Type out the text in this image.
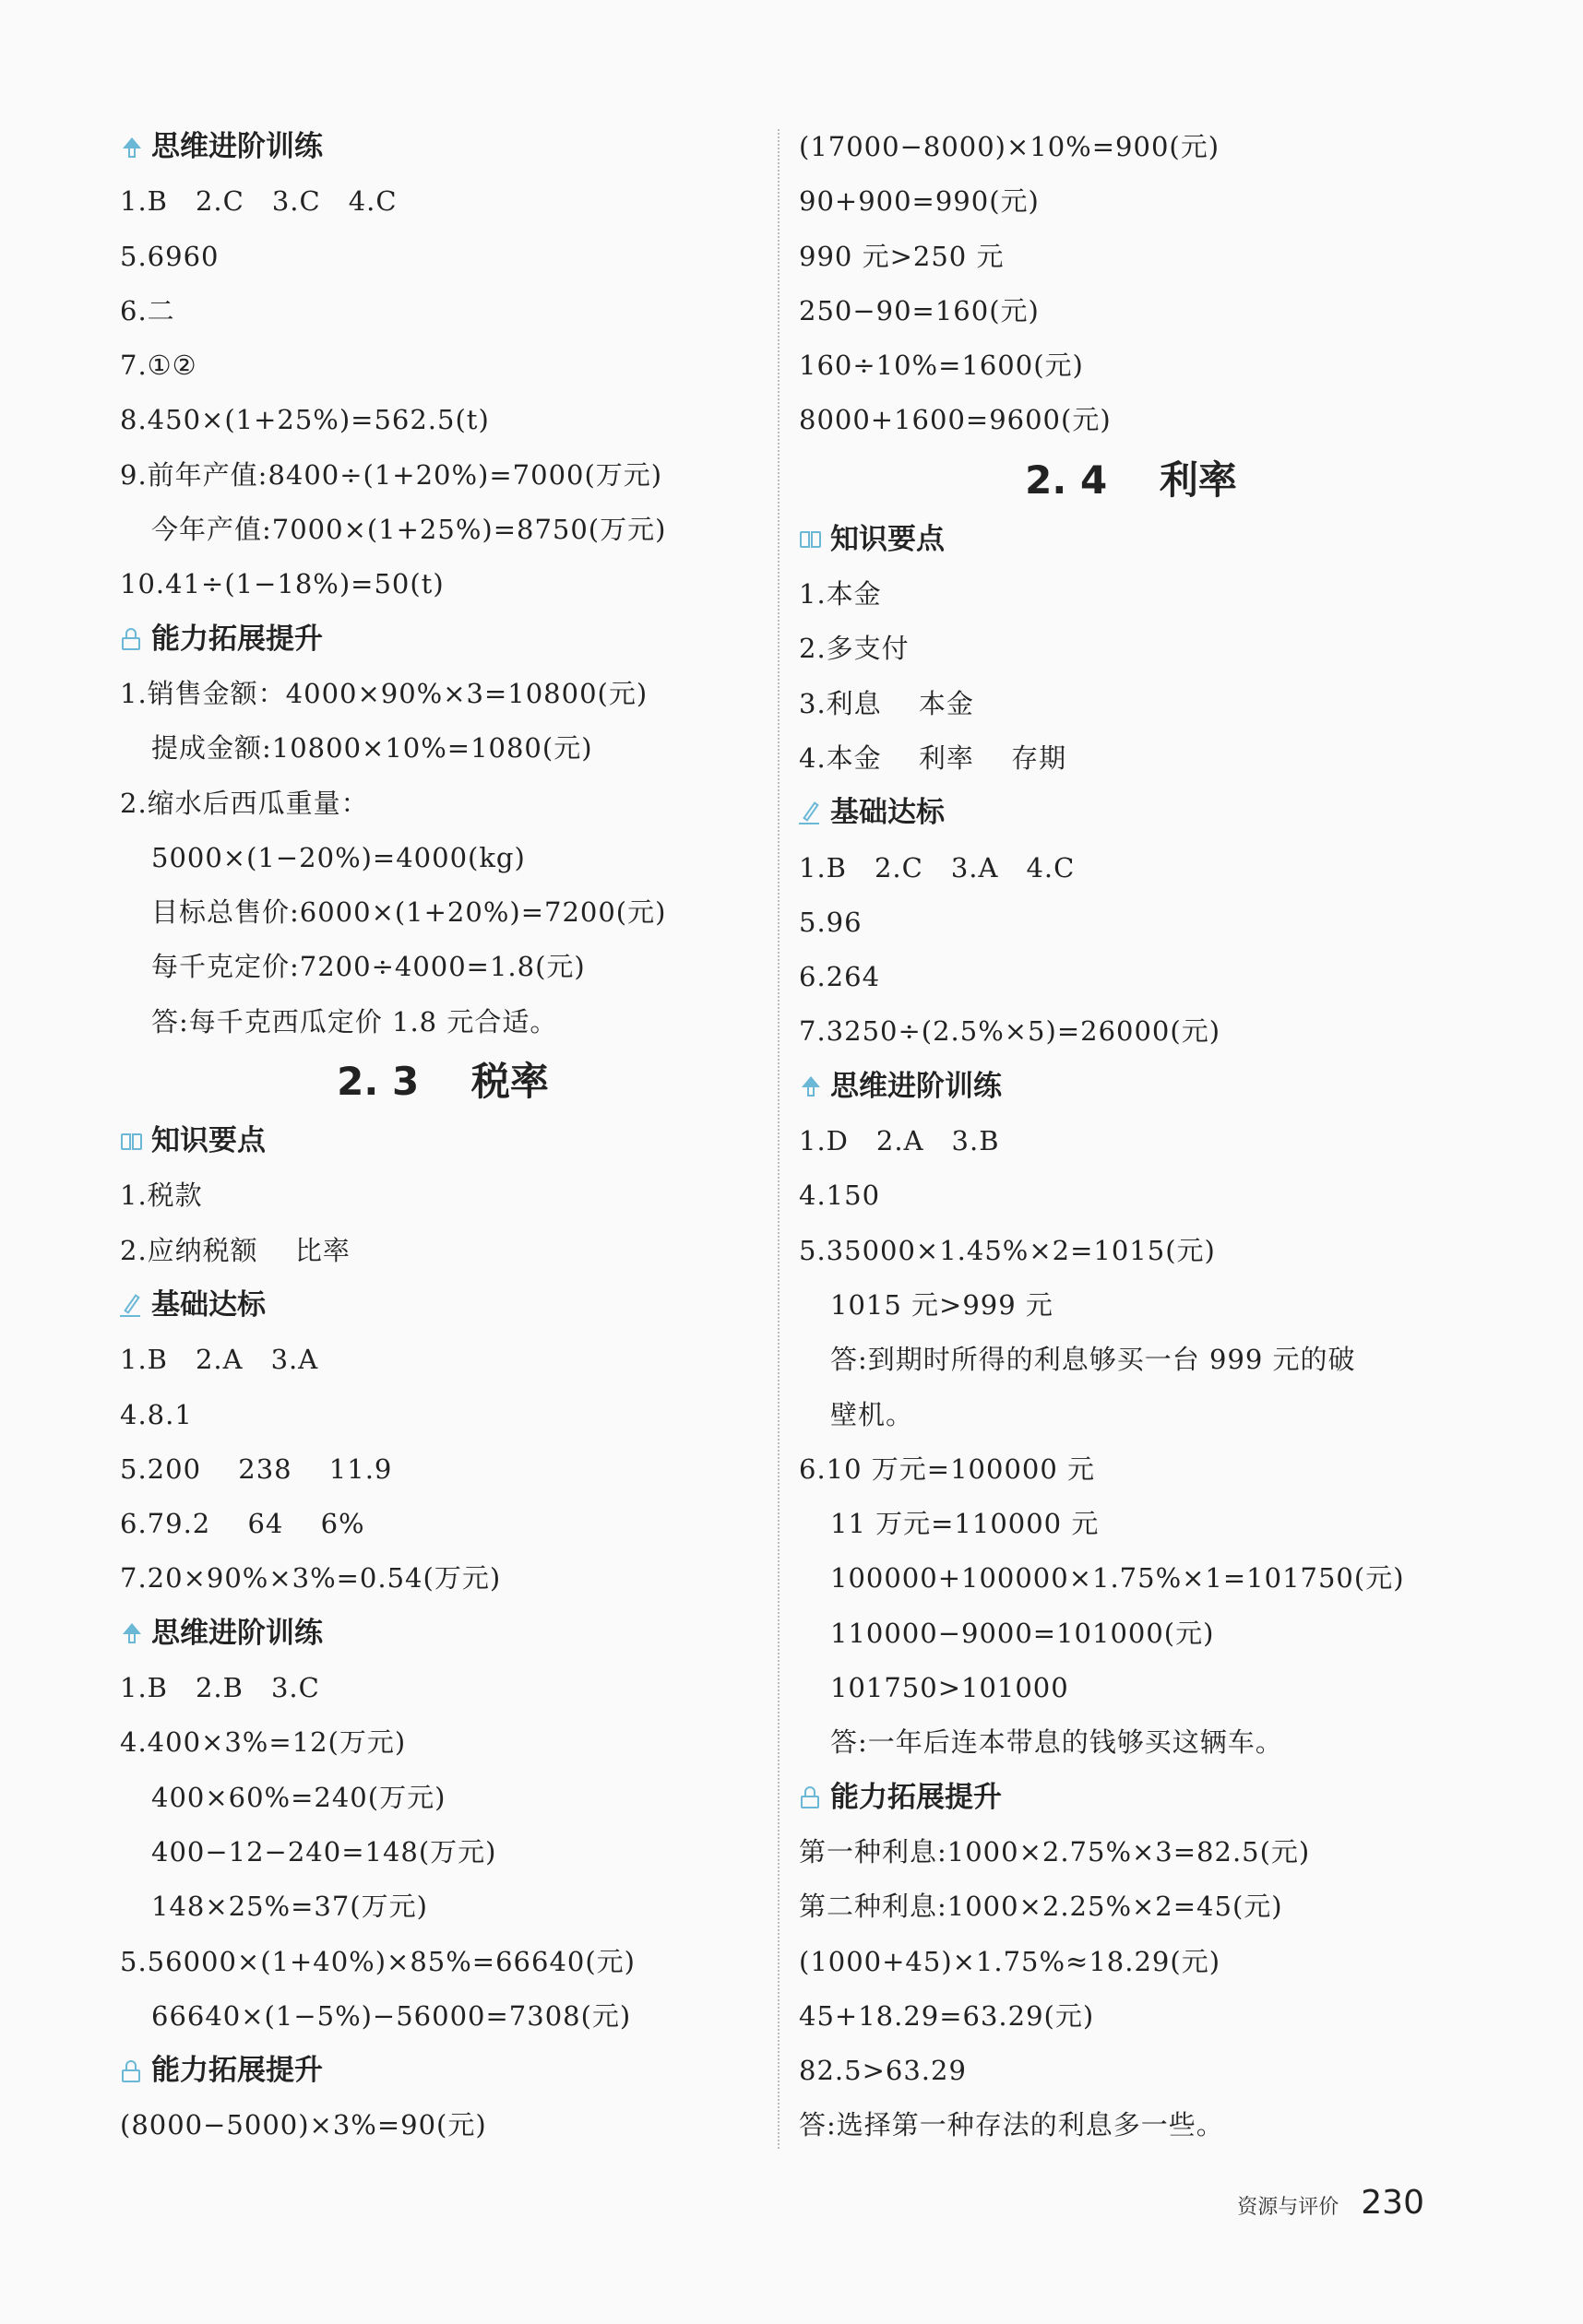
思维进阶训练
1.B　2.C　3.C　4.C
5.6960
6.二
7.①②
8.450×(1+25%)=562.5(t)
9.前年产值:8400÷(1+20%)=7000(万元)
今年产值:7000×(1+25%)=8750(万元)
10.41÷(1−18%)=50(t)
能力拓展提升
1.销售金额：4000×90%×3=10800(元)
提成金额:10800×10%=1080(元)
2.缩水后西瓜重量：
5000×(1−20%)=4000(kg)
目标总售价:6000×(1+20%)=7200(元)
每千克定价:7200÷4000=1.8(元)
答:每千克西瓜定价 1.8 元合适。
2. 3　 税率
知识要点
1.税款
2.应纳税额　 比率
基础达标
1.B　2.A　3.A
4.8.1
5.200　 238　 11.9
6.79.2　 64　 6%
7.20×90%×3%=0.54(万元)
思维进阶训练
1.B　2.B　3.C
4.400×3%=12(万元)
400×60%=240(万元)
400−12−240=148(万元)
148×25%=37(万元)
5.56000×(1+40%)×85%=66640(元)
66640×(1−5%)−56000=7308(元)
能力拓展提升
(8000−5000)×3%=90(元)
(17000−8000)×10%=900(元)
90+900=990(元)
990 元>250 元
250−90=160(元)
160÷10%=1600(元)
8000+1600=9600(元)
2. 4　 利率
知识要点
1.本金
2.多支付
3.利息　 本金
4.本金　 利率　 存期
基础达标
1.B　2.C　3.A　4.C
5.96
6.264
7.3250÷(2.5%×5)=26000(元)
思维进阶训练
1.D　2.A　3.B
4.150
5.35000×1.45%×2=1015(元)
1015 元>999 元
答:到期时所得的利息够买一台 999 元的破
壁机。
6.10 万元=100000 元
11 万元=110000 元
100000+100000×1.75%×1=101750(元)
110000−9000=101000(元)
101750>101000
答:一年后连本带息的钱够买这辆车。
能力拓展提升
第一种利息:1000×2.75%×3=82.5(元)
第二种利息:1000×2.25%×2=45(元)
(1000+45)×1.75%≈18.29(元)
45+18.29=63.29(元)
82.5>63.29
答:选择第一种存法的利息多一些。
资源与评价 230
